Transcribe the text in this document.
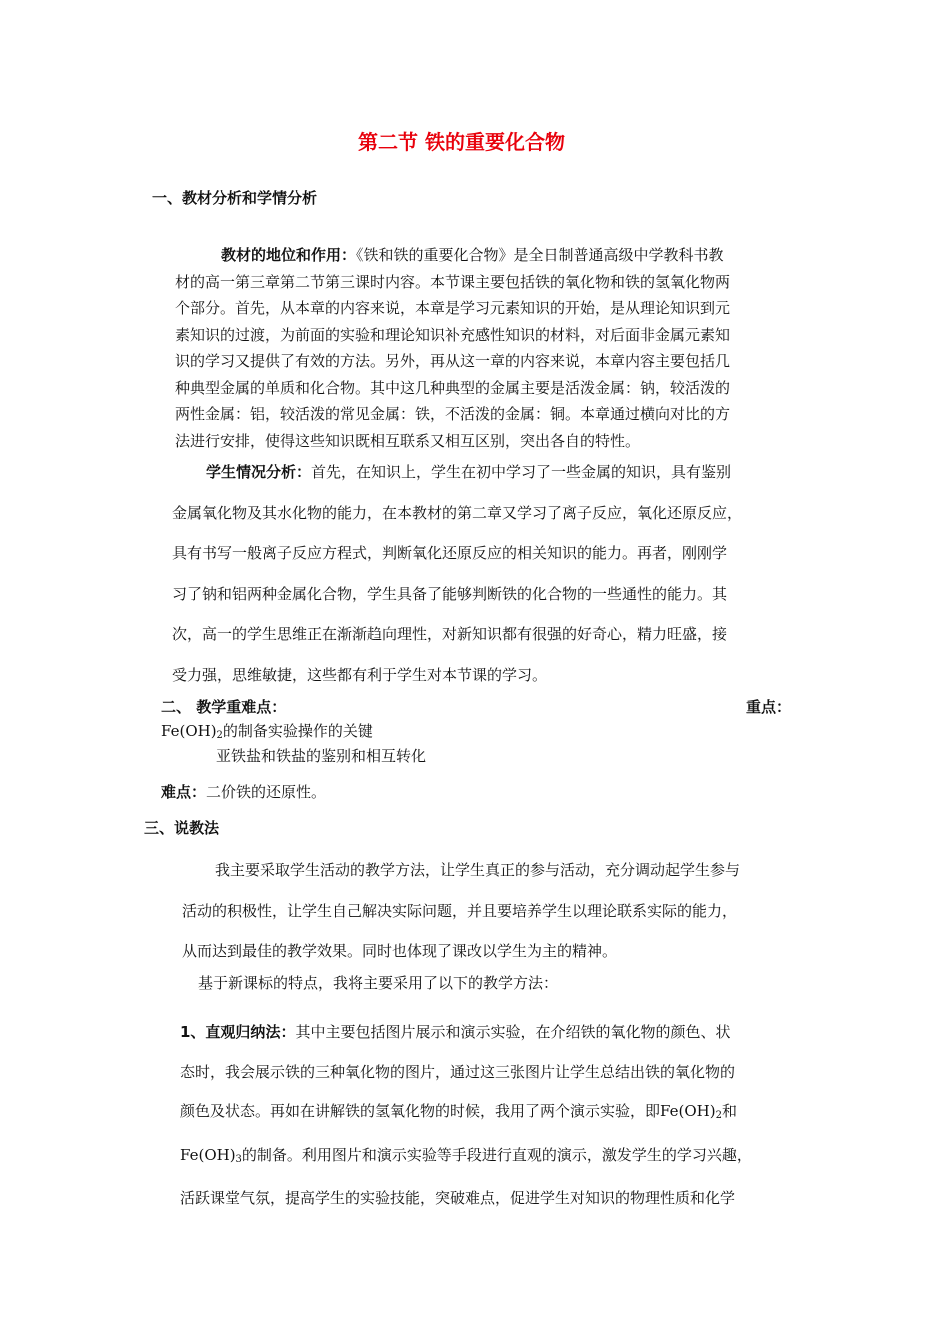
第二节 铁的重要化合物
一、教材分析和学情分析
教材的地位和作用：《铁和铁的重要化合物》是全日制普通高级中学教科书教
材的高一第三章第二节第三课时内容。本节课主要包括铁的氧化物和铁的氢氧化物两
个部分。首先，从本章的内容来说，本章是学习元素知识的开始，是从理论知识到元
素知识的过渡，为前面的实验和理论知识补充感性知识的材料，对后面非金属元素知
识的学习又提供了有效的方法。另外，再从这一章的内容来说，本章内容主要包括几
种典型金属的单质和化合物。其中这几种典型的金属主要是活泼金属：钠，较活泼的
两性金属：铝，较活泼的常见金属：铁，不活泼的金属：铜。本章通过横向对比的方
法进行安排，使得这些知识既相互联系又相互区别，突出各自的特性。
学生情况分析：首先，在知识上，学生在初中学习了一些金属的知识，具有鉴别
金属氧化物及其水化物的能力，在本教材的第二章又学习了离子反应，氧化还原反应，
具有书写一般离子反应方程式，判断氧化还原反应的相关知识的能力。再者，刚刚学
习了钠和铝两种金属化合物，学生具备了能够判断铁的化合物的一些通性的能力。其
次，高一的学生思维正在渐渐趋向理性，对新知识都有很强的好奇心，精力旺盛，接
受力强，思维敏捷，这些都有利于学生对本节课的学习。
二、 教学重难点：	重点：
$Fe(OH)_2$的制备实验操作的关键
亚铁盐和铁盐的鉴别和相互转化
难点：二价铁的还原性。
三、说教法
我主要采取学生活动的教学方法，让学生真正的参与活动，充分调动起学生参与
活动的积极性，让学生自己解决实际问题，并且要培养学生以理论联系实际的能力，
从而达到最佳的教学效果。同时也体现了课改以学生为主的精神。
基于新课标的特点，我将主要采用了以下的教学方法：
1、直观归纳法：其中主要包括图片展示和演示实验，在介绍铁的氧化物的颜色、状
态时，我会展示铁的三种氧化物的图片，通过这三张图片让学生总结出铁的氧化物的
颜色及状态。再如在讲解铁的氢氧化物的时候，我用了两个演示实验，即$Fe(OH)_2$和
$Fe(OH)_3$的制备。利用图片和演示实验等手段进行直观的演示，激发学生的学习兴趣，
活跃课堂气氛，提高学生的实验技能，突破难点，促进学生对知识的物理性质和化学
